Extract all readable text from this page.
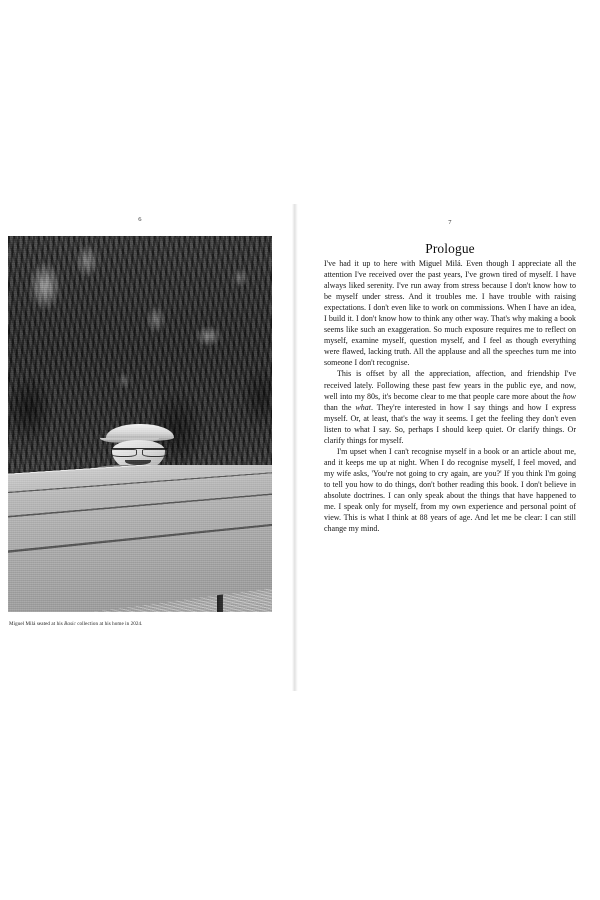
6
Miguel Milá seated at his Basic collection at his home in 2024.
7
Prologue

I've had it up to here with Miguel Milá. Even though I appreciate all the attention I've received over the past years, I've grown tired of myself. I have always liked serenity. I've run away from stress because I don't know how to be myself under stress. And it troubles me. I have trouble with raising expectations. I don't even like to work on commissions. When I have an idea, I build it. I don't know how to think any other way. That's why making a book seems like such an exaggeration. So much exposure requires me to reflect on myself, examine myself, question myself, and I feel as though everything were flawed, lacking truth. All the applause and all the speeches turn me into someone I don't recognise.

This is offset by all the appreciation, affection, and friendship I've received lately. Following these past few years in the public eye, and now, well into my 80s, it's become clear to me that people care more about the how than the what. They're interested in how I say things and how I express myself. Or, at least, that's the way it seems. I get the feeling they don't even listen to what I say. So, perhaps I should keep quiet. Or clarify things. Or clarify things for myself.

I'm upset when I can't recognise myself in a book or an article about me, and it keeps me up at night. When I do recognise myself, I feel moved, and my wife asks, 'You're not going to cry again, are you?' If you think I'm going to tell you how to do things, don't bother reading this book. I don't believe in absolute doctrines. I can only speak about the things that have happened to me. I speak only for myself, from my own experience and personal point of view. This is what I think at 88 years of age. And let me be clear: I can still change my mind.
